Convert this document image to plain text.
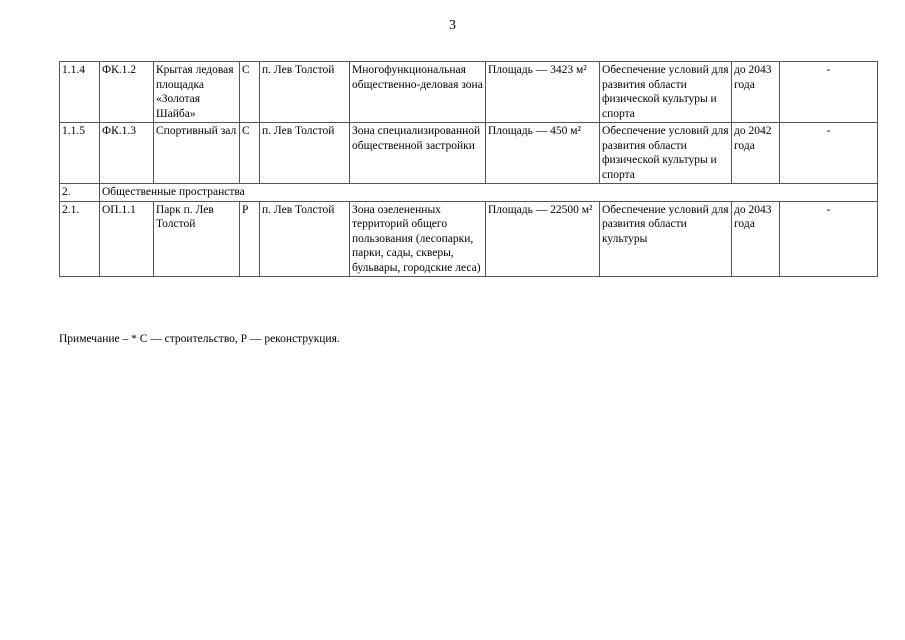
3
1.1.4	ФК.1.2	Крытая ледовая площадка «Золотая Шайба»	С	п. Лев Толстой	Многофункциональная общественно-деловая зона	Площадь — 3423 м²	Обеспечение условий для развития области физической культуры и спорта	до 2043 года	-
1.1.5	ФК.1.3	Спортивный зал	С	п. Лев Толстой	Зона специализированной общественной застройки	Площадь — 450 м²	Обеспечение условий для развития области физической культуры и спорта	до 2042 года	-
2.	Общественные пространства								
2.1.	ОП.1.1	Парк п. Лев Толстой	Р	п. Лев Толстой	Зона озелененных территорий общего пользования (лесопарки, парки, сады, скверы, бульвары, городские леса)	Площадь — 22500 м²	Обеспечение условий для развития области культуры	до 2043 года	-
Примечание – * С — строительство, Р — реконструкция.
